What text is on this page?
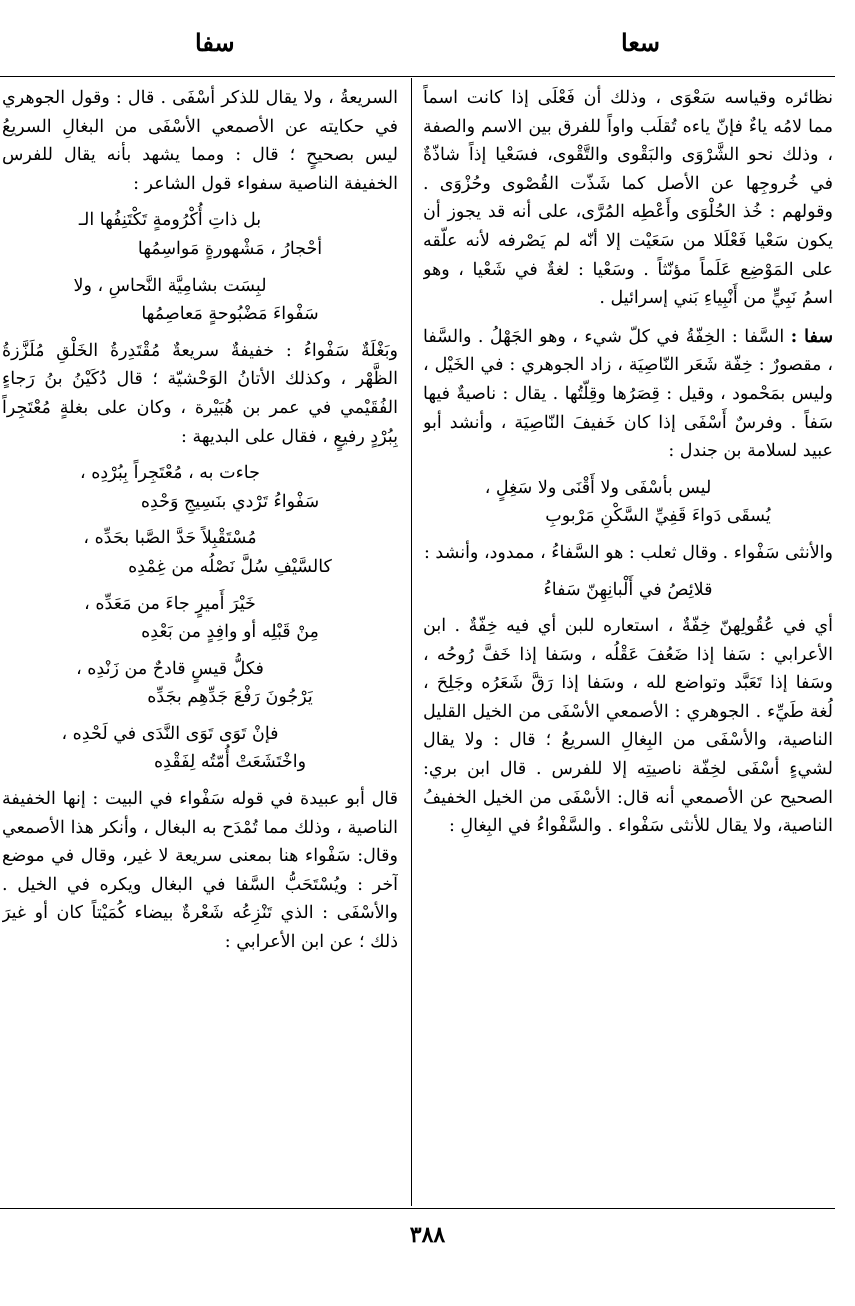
سعا
سفا

نظائره وقياسه سَعْوَى ، وذلك أن فَعْلَى إذا كانت اسماً مما لامُه ياءٌ فإنّ ياءه تُقلَب واواً للفرق بين الاسم والصفة ، وذلك نحو الشَّرْوَى والبَقْوى والتَّقْوى، فسَعْيا إذاً شاذّةٌ في خُروجِها عن الأصل كما شَذّت القُصْوى وحُزْوَى . وقولهم : خُذ الحُلْوَى وأَعْطِه المُرَّى، على أنه قد يجوز أن يكون سَعْيا فَعْلَلا من سَعَيْت إلا أنّه لم يَصْرفه لأنه علّقه على المَوْضِع عَلَماً مؤنّثاً . وسَعْيا : لغةٌ في شَعْيا ، وهو اسمُ نَبِيٍّ من أَنْبِياءِ بَني إسرائيل .

سفا : السَّفا : الخِفّةُ في كلّ شيء ، وهو الجَهْلُ . والسَّفا ، مقصورٌ : خِفّة شَعَر النّاصِيَة ، زاد الجوهري : في الخَيْل ، وليس بمَحْمود ، وقيل : قِصَرُها وقِلّتُها . يقال : ناصيةٌ فيها سَفاً . وفرسٌ أَسْفَى إذا كان خَفيفَ النّاصِيَة ، وأنشد أبو عبيد لسلامة بن جندل :

ليس بأسْفَى ولا أَقْنَى ولا سَغِلٍ ،
يُسقَى دَواءَ قَفِيِّ السَّكْنِ مَرْبوبِ

والأنثى سَفْواء . وقال ثعلب : هو السَّفاءُ ، ممدود، وأنشد :

قلائِصُ في أَلْبانِهِنّ سَفاءُ

أي في عُقُولِهنّ خِفّةٌ ، استعاره للبن أي فيه خِفّةٌ . ابن الأعرابي : سَفا إذا ضَعُفَ عَقْلُه ، وسَفا إذا خَفَّ رُوحُه ، وسَفا إذا تَعَبَّد وتواضع لله ، وسَفا إذا رَقَّ شَعَرُه وجَلِحَ ، لُغة طَيِّء . الجوهري : الأصمعي الأسْفَى من الخيل القليل الناصية، والأسْفَى من البِغالِ السريعُ ؛ قال : ولا يقال لشيءٍ أسْفَى لخِفّة ناصيتِه إلا للفرس . قال ابن بري: الصحيح عن الأصمعي أنه قال: الأسْفَى من الخيل الخفيفُ الناصية، ولا يقال للأنثى سَفْواء . والسَّفْواءُ في البِغالِ :

السريعةُ ، ولا يقال للذكر أسْفَى . قال : وقول الجوهري في حكايته عن الأصمعي الأسْفَى من البغالِ السريعُ ليس بصحيحٍ ؛ قال : ومما يشهد بأنه يقال للفرس الخفيفة الناصية سفواء قول الشاعر :

بل ذاتِ أُكْرُومةٍ تَكْتَنِفُها الـ
أحْجارُ ، مَشْهورةٍ مَواسِمُها
لبِسَت بشامِيَّة النَّحاسِ ، ولا
سَفْواءَ مَضْبُوحةٍ مَعاصِمُها

وبَغْلَةٌ سَفْواءُ : خفيفةٌ سريعةٌ مُقْتَدِرةُ الخَلْقِ مُلَزَّزةُ الظَّهْر ، وكذلك الأتانُ الوَحْشيّة ؛ قال دُكَيْنُ بنُ رَجاءٍ الفُقَيْمي في عمر بن هُبَيْرة ، وكان على بغلةٍ مُعْتَجِراً بِبُرْدٍ رفيعٍ ، فقال على البديهة :

جاءت به ، مُعْتَجِراً بِبُرْدِه ،
سَفْواءُ تَرْدي بنَسِيجِ وَحْدِه
مُسْتَقْبِلاً حَدَّ الصَّبا بحَدِّه ،
كالسَّيْفِ سُلَّ نَصْلُه من غِمْدِه
خَيْرَ أَميرٍ جاءَ من مَعَدِّه ،
مِنْ قَبْلِه أو وافِدٍ من بَعْدِه
فكلُّ قيسٍ قادحٌ من زَنْدِه ،
يَرْجُونَ رَفْعَ جَدِّهِم بجَدِّه
فإنْ تَوَى تَوَى النَّدَى في لَحْدِه ،
واخْتَشَعَتْ أُمّتُه لِفَقْدِه

قال أبو عبيدة في قوله سَفْواء في البيت : إنها الخفيفة الناصية ، وذلك مما تُمْدَح به البغال ، وأنكر هذا الأصمعي وقال: سَفْواء هنا بمعنى سريعة لا غير، وقال في موضع آخر : ويُسْتَحَبُّ السَّفا في البغال ويكره في الخيل . والأسْفَى : الذي تَنْزِعُه شَعْرةٌ بيضاء كُمَيْتاً كان أو غيرَ ذلك ؛ عن ابن الأعرابي :

٣٨٨
